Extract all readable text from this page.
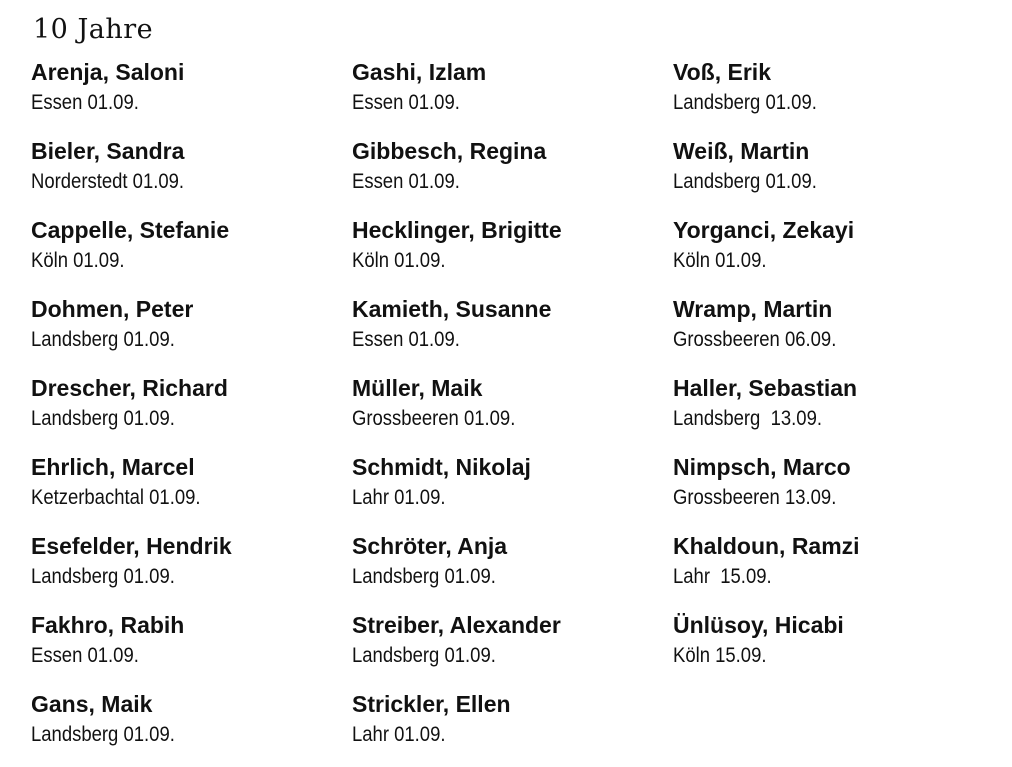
10 Jahre
Arenja, Saloni
Essen 01.09.
Bieler, Sandra
Norderstedt 01.09.
Cappelle, Stefanie
Köln 01.09.
Dohmen, Peter
Landsberg 01.09.
Drescher, Richard
Landsberg 01.09.
Ehrlich, Marcel
Ketzerbachtal 01.09.
Esefelder, Hendrik
Landsberg 01.09.
Fakhro, Rabih
Essen 01.09.
Gans, Maik
Landsberg 01.09.
Gashi, Izlam
Essen 01.09.
Gibbesch, Regina
Essen 01.09.
Hecklinger, Brigitte
Köln 01.09.
Kamieth, Susanne
Essen 01.09.
Müller, Maik
Grossbeeren 01.09.
Schmidt, Nikolaj
Lahr 01.09.
Schröter, Anja
Landsberg 01.09.
Streiber, Alexander
Landsberg 01.09.
Strickler, Ellen
Lahr 01.09.
Voß, Erik
Landsberg 01.09.
Weiß, Martin
Landsberg 01.09.
Yorganci, Zekayi
Köln 01.09.
Wramp, Martin
Grossbeeren 06.09.
Haller, Sebastian
Landsberg  13.09.
Nimpsch, Marco
Grossbeeren 13.09.
Khaldoun, Ramzi
Lahr  15.09.
Ünlüsoy, Hicabi
Köln 15.09.
